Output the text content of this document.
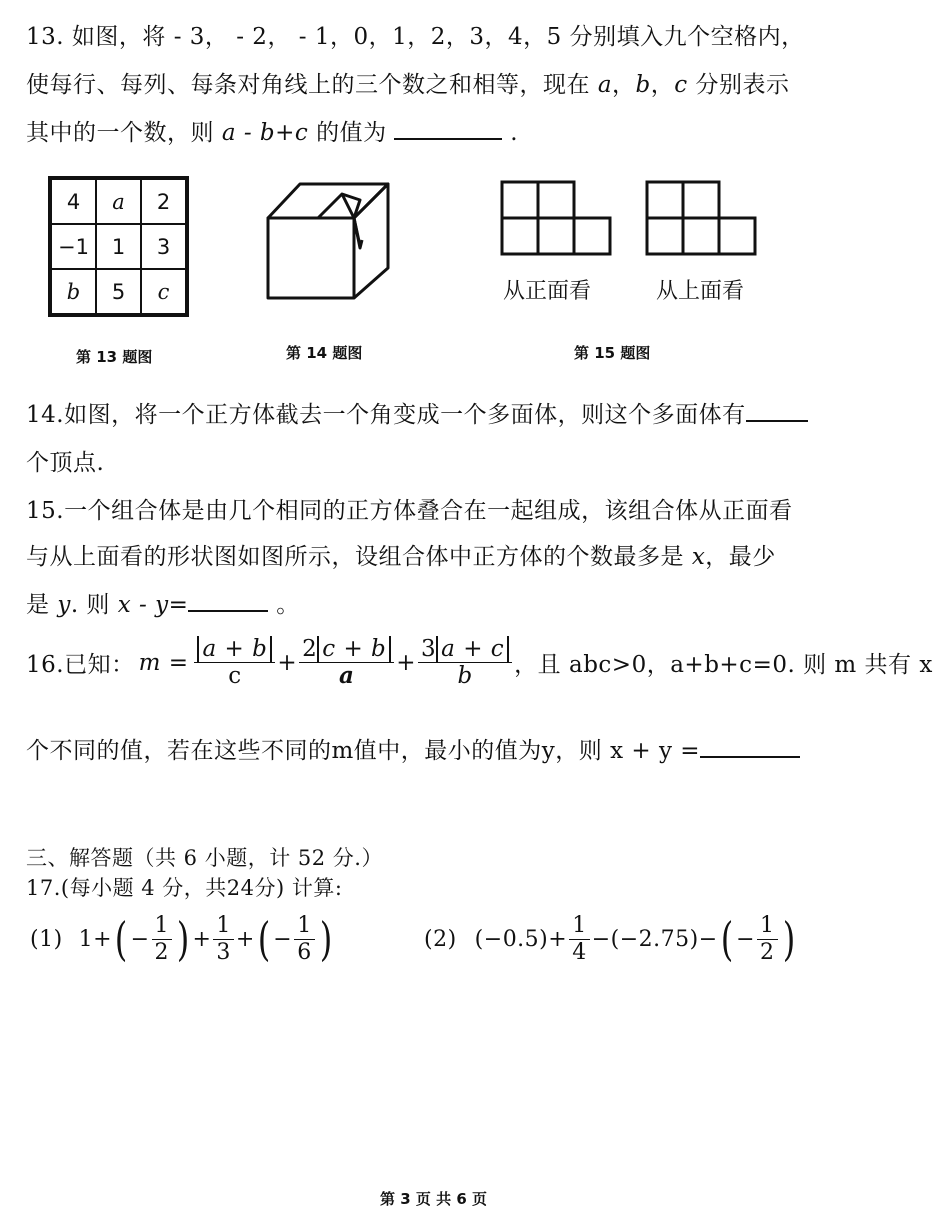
13. 如图，将 - 3， - 2， - 1，0，1，2，3，4，5 分别填入九个空格内，
使每行、每列、每条对角线上的三个数之和相等，现在 a，b，c 分别表示
其中的一个数，则 a - b+c 的值为	.
4	a	2
−1	1	3
b	5	c	从正面看	从上面看
第 13 题图	第 14 题图	第 15 题图
14.如图，将一个正方体截去一个角变成一个多面体，则这个多面体有
个顶点.
15.一个组合体是由几个相同的正方体叠合在一起组成，该组合体从正面看
与从上面看的形状图如图所示，设组合体中正方体的个数最多是 x，最少
是 y. 则 x - y=	。
16.已知： $m = \frac{a + b}{c} + \frac{2 c + b}{a} + \frac{3 a + c}{b}$ ，且 abc>0，a+b+c=0. 则 m 共有 x
个不同的值，若在这些不同的m值中，最小的值为y，则 x + y =
三、解答题（共 6 小题，计 52 分.）
17.(每小题 4 分，共24分) 计算:
(1) 1+ ( − $\frac{1}{2}$ ) + $\frac{1}{3}$ + ( − $\frac{1}{6}$ )	(2) $(-0.5)+ \frac{1}{4} -(-2.75)-$ ( − $\frac{1}{2}$ )
第 3 页 共 6 页
